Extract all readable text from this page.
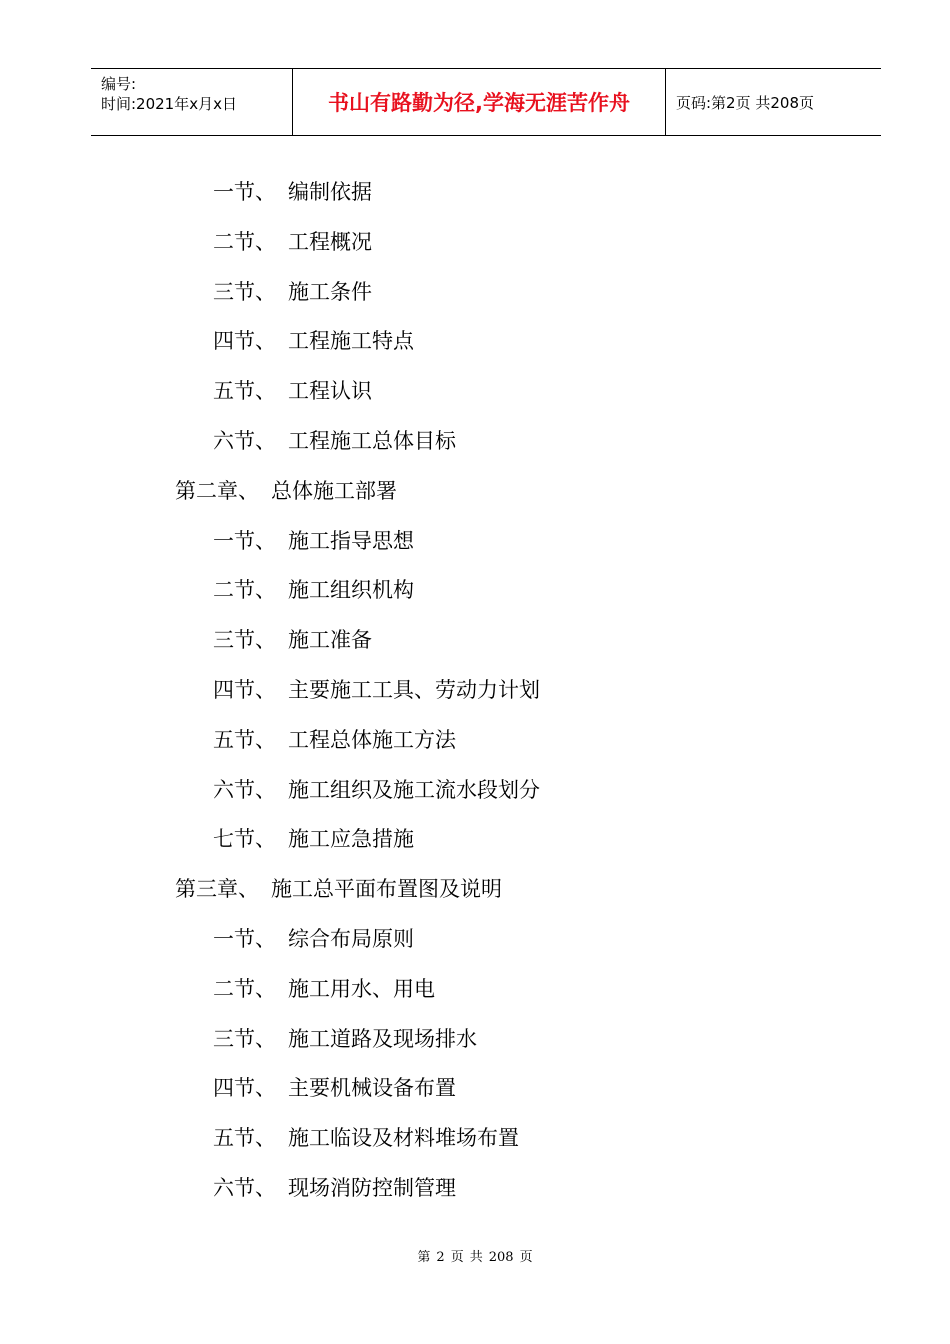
编号:
时间:2021年x月x日	书山有路勤为径,学海无涯苦作舟	页码:第2页 共208页
一节、 编制依据
二节、 工程概况
三节、 施工条件
四节、 工程施工特点
五节、 工程认识
六节、 工程施工总体目标
第二章、 总体施工部署
一节、 施工指导思想
二节、 施工组织机构
三节、 施工准备
四节、 主要施工工具、劳动力计划
五节、 工程总体施工方法
六节、 施工组织及施工流水段划分
七节、 施工应急措施
第三章、 施工总平面布置图及说明
一节、 综合布局原则
二节、 施工用水、用电
三节、 施工道路及现场排水
四节、 主要机械设备布置
五节、 施工临设及材料堆场布置
六节、 现场消防控制管理
第 2 页 共 208 页
